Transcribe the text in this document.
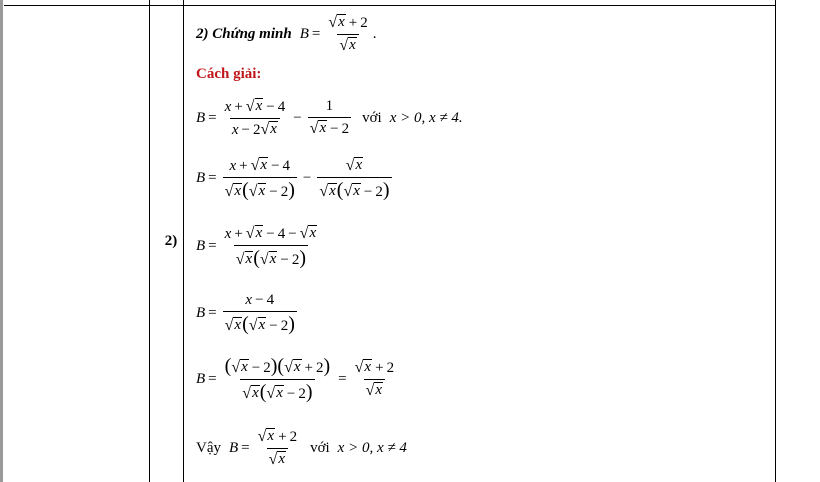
2)
2) Chứng minh $B = \frac{√ x + 2}{√ x}$ .
Cách giải:
$B = \frac{x + √ x - 4}{x - 2 √ x} - \frac{1}{√ x - 2}$ với x > 0, x ≠ 4.
$B = \frac{x + √ x - 4}{√ x ( √ x - 2)} - \frac{√ x}{√ x ( √ x - 2)}$
$B = \frac{x + √ x - 4 - √ x}{√ x ( √ x - 2)}$
$B = \frac{x - 4}{√ x ( √ x - 2)}$
$B = \frac{( √ x - 2)( √ x + 2)}{√ x ( √ x - 2)} = \frac{√ x + 2}{√ x}$
Vậy $B = \frac{√ x + 2}{√ x}$ với x > 0, x ≠ 4
